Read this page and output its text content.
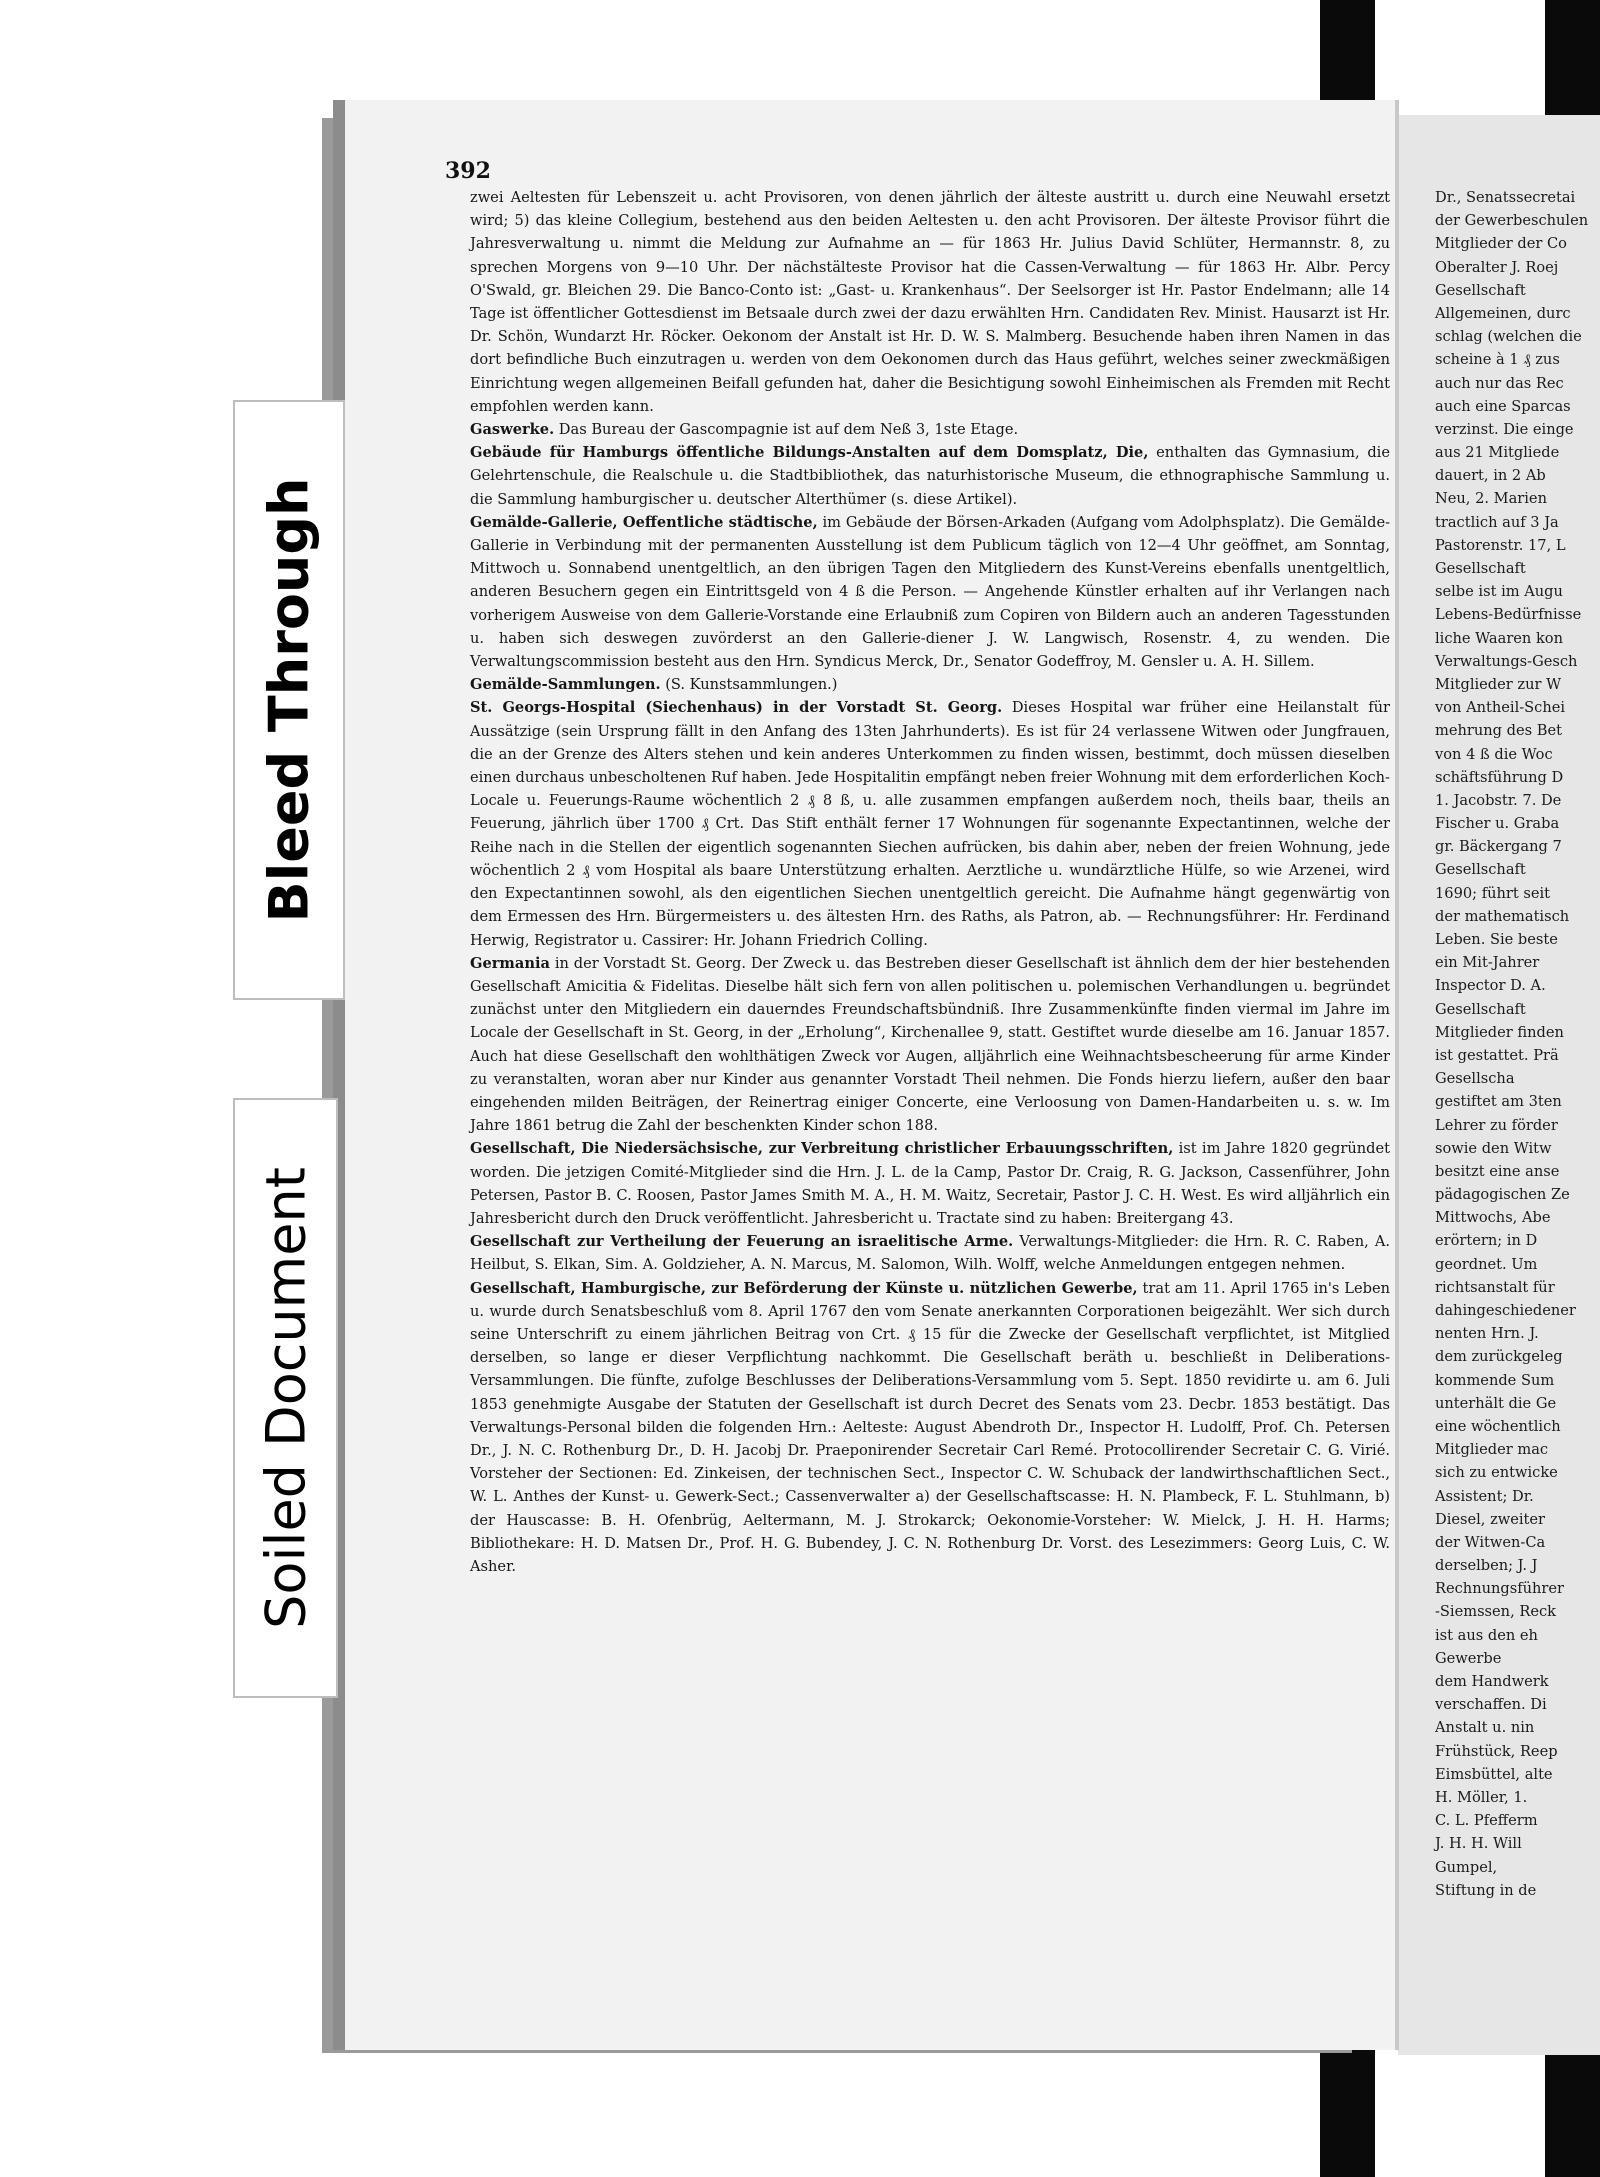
392

zwei Aeltesten für Lebenszeit u. acht Provisoren, von denen jährlich der älteste austritt u. durch eine Neuwahl ersetzt wird; 5) das kleine Collegium, bestehend aus den beiden Aeltesten u. den acht Provisoren. Der älteste Provisor führt die Jahresverwaltung u. nimmt die Meldung zur Aufnahme an — für 1863 Hr. Julius David Schlüter, Hermannstr. 8, zu sprechen Morgens von 9—10 Uhr. Der nächstälteste Provisor hat die Cassen-Verwaltung — für 1863 Hr. Albr. Percy O'Swald, gr. Bleichen 29. Die Banco-Conto ist: „Gast- u. Krankenhaus“. Der Seelsorger ist Hr. Pastor Endelmann; alle 14 Tage ist öffentlicher Gottesdienst im Betsaale durch zwei der dazu erwählten Hrn. Candidaten Rev. Minist. Hausarzt ist Hr. Dr. Schön, Wundarzt Hr. Röcker. Oekonom der Anstalt ist Hr. D. W. S. Malmberg. Besuchende haben ihren Namen in das dort befindliche Buch einzutragen u. werden von dem Oekonomen durch das Haus geführt, welches seiner zweckmäßigen Einrichtung wegen allgemeinen Beifall gefunden hat, daher die Besichtigung sowohl Einheimischen als Fremden mit Recht empfohlen werden kann.

Gaswerke. Das Bureau der Gascompagnie ist auf dem Neß 3, 1ste Etage.

Gebäude für Hamburgs öffentliche Bildungs-Anstalten auf dem Domsplatz, Die, enthalten das Gymnasium, die Gelehrtenschule, die Realschule u. die Stadtbibliothek, das naturhistorische Museum, die ethnographische Sammlung u. die Sammlung hamburgischer u. deutscher Alterthümer (s. diese Artikel).

Gemälde-Gallerie, Oeffentliche städtische, im Gebäude der Börsen-Arkaden (Aufgang vom Adolphsplatz). Die Gemälde-Gallerie in Verbindung mit der permanenten Ausstellung ist dem Publicum täglich von 12—4 Uhr geöffnet, am Sonntag, Mittwoch u. Sonnabend unentgeltlich, an den übrigen Tagen den Mitgliedern des Kunst-Vereins ebenfalls unentgeltlich, anderen Besuchern gegen ein Eintrittsgeld von 4 ß die Person. — Angehende Künstler erhalten auf ihr Verlangen nach vorherigem Ausweise von dem Gallerie-Vorstande eine Erlaubniß zum Copiren von Bildern auch an anderen Tagesstunden u. haben sich deswegen zuvörderst an den Gallerie-diener J. W. Langwisch, Rosenstr. 4, zu wenden. Die Verwaltungscommission besteht aus den Hrn. Syndicus Merck, Dr., Senator Godeffroy, M. Gensler u. A. H. Sillem.

Gemälde-Sammlungen. (S. Kunstsammlungen.)

St. Georgs-Hospital (Siechenhaus) in der Vorstadt St. Georg. Dieses Hospital war früher eine Heilanstalt für Aussätzige (sein Ursprung fällt in den Anfang des 13ten Jahrhunderts). Es ist für 24 verlassene Witwen oder Jungfrauen, die an der Grenze des Alters stehen und kein anderes Unterkommen zu finden wissen, bestimmt, doch müssen dieselben einen durchaus unbescholtenen Ruf haben. Jede Hospitalitin empfängt neben freier Wohnung mit dem erforderlichen Koch-Locale u. Feuerungs-Raume wöchentlich 2 ₰ 8 ß, u. alle zusammen empfangen außerdem noch, theils baar, theils an Feuerung, jährlich über 1700 ₰ Crt. Das Stift enthält ferner 17 Wohnungen für sogenannte Expectantinnen, welche der Reihe nach in die Stellen der eigentlich sogenannten Siechen aufrücken, bis dahin aber, neben der freien Wohnung, jede wöchentlich 2 ₰ vom Hospital als baare Unterstützung erhalten. Aerztliche u. wundärztliche Hülfe, so wie Arzenei, wird den Expectantinnen sowohl, als den eigentlichen Siechen unentgeltlich gereicht. Die Aufnahme hängt gegenwärtig von dem Ermessen des Hrn. Bürgermeisters u. des ältesten Hrn. des Raths, als Patron, ab. — Rechnungsführer: Hr. Ferdinand Herwig, Registrator u. Cassirer: Hr. Johann Friedrich Colling.

Germania in der Vorstadt St. Georg. Der Zweck u. das Bestreben dieser Gesellschaft ist ähnlich dem der hier bestehenden Gesellschaft Amicitia & Fidelitas. Dieselbe hält sich fern von allen politischen u. polemischen Verhandlungen u. begründet zunächst unter den Mitgliedern ein dauerndes Freundschaftsbündniß. Ihre Zusammenkünfte finden viermal im Jahre im Locale der Gesellschaft in St. Georg, in der „Erholung“, Kirchenallee 9, statt. Gestiftet wurde dieselbe am 16. Januar 1857. Auch hat diese Gesellschaft den wohlthätigen Zweck vor Augen, alljährlich eine Weihnachtsbescheerung für arme Kinder zu veranstalten, woran aber nur Kinder aus genannter Vorstadt Theil nehmen. Die Fonds hierzu liefern, außer den baar eingehenden milden Beiträgen, der Reinertrag einiger Concerte, eine Verloosung von Damen-Handarbeiten u. s. w. Im Jahre 1861 betrug die Zahl der beschenkten Kinder schon 188.

Gesellschaft, Die Niedersächsische, zur Verbreitung christlicher Erbauungsschriften, ist im Jahre 1820 gegründet worden. Die jetzigen Comité-Mitglieder sind die Hrn. J. L. de la Camp, Pastor Dr. Craig, R. G. Jackson, Cassenführer, John Petersen, Pastor B. C. Roosen, Pastor James Smith M. A., H. M. Waitz, Secretair, Pastor J. C. H. West. Es wird alljährlich ein Jahresbericht durch den Druck veröffentlicht. Jahresbericht u. Tractate sind zu haben: Breitergang 43.

Gesellschaft zur Vertheilung der Feuerung an israelitische Arme. Verwaltungs-Mitglieder: die Hrn. R. C. Raben, A. Heilbut, S. Elkan, Sim. A. Goldzieher, A. N. Marcus, M. Salomon, Wilh. Wolff, welche Anmeldungen entgegen nehmen.

Gesellschaft, Hamburgische, zur Beförderung der Künste u. nützlichen Gewerbe, trat am 11. April 1765 in's Leben u. wurde durch Senatsbeschluß vom 8. April 1767 den vom Senate anerkannten Corporationen beigezählt. Wer sich durch seine Unterschrift zu einem jährlichen Beitrag von Crt. ₰ 15 für die Zwecke der Gesellschaft verpflichtet, ist Mitglied derselben, so lange er dieser Verpflichtung nachkommt. Die Gesellschaft beräth u. beschließt in Deliberations-Versammlungen. Die fünfte, zufolge Beschlusses der Deliberations-Versammlung vom 5. Sept. 1850 revidirte u. am 6. Juli 1853 genehmigte Ausgabe der Statuten der Gesellschaft ist durch Decret des Senats vom 23. Decbr. 1853 bestätigt. Das Verwaltungs-Personal bilden die folgenden Hrn.: Aelteste: August Abendroth Dr., Inspector H. Ludolff, Prof. Ch. Petersen Dr., J. N. C. Rothenburg Dr., D. H. Jacobj Dr. Praeponirender Secretair Carl Remé. Protocollirender Secretair C. G. Virié. Vorsteher der Sectionen: Ed. Zinkeisen, der technischen Sect., Inspector C. W. Schuback der landwirthschaftlichen Sect., W. L. Anthes der Kunst- u. Gewerk-Sect.; Cassenverwalter a) der Gesellschaftscasse: H. N. Plambeck, F. L. Stuhlmann, b) der Hauscasse: B. H. Ofenbrüg, Aeltermann, M. J. Strokarck; Oekonomie-Vorsteher: W. Mielck, J. H. H. Harms; Bibliothekare: H. D. Matsen Dr., Prof. H. G. Bubendey, J. C. N. Rothenburg Dr. Vorst. des Lesezimmers: Georg Luis, C. W. Asher.

Dr., Senatssecretai
der Gewerbeschulen
Mitglieder der Co
Oberalter J. Roej
Gesellschaft
Allgemeinen, durc
schlag (welchen die
scheine à 1 ₰ zus
auch nur das Rec
auch eine Sparcas
verzinst. Die einge
aus 21 Mitgliede
dauert, in 2 Ab
Neu, 2. Marien
tractlich auf 3 Ja
Pastorenstr. 17, L
Gesellschaft
selbe ist im Augu
Lebens-Bedürfnisse
liche Waaren kon
Verwaltungs-Gesch
Mitglieder zur W
von Antheil-Schei
mehrung des Bet
von 4 ß die Woc
schäftsführung D
1. Jacobstr. 7. De
Fischer u. Graba
gr. Bäckergang 7
Gesellschaft
1690; führt seit
der mathematisch
Leben. Sie beste
ein Mit-Jahrer
Inspector D. A.
Gesellschaft
Mitglieder finden
ist gestattet. Prä
Gesellscha
gestiftet am 3ten
Lehrer zu förder
sowie den Witw
besitzt eine anse
pädagogischen Ze
Mittwochs, Abe
erörtern; in D
geordnet. Um
richtsanstalt für
dahingeschiedener
nenten Hrn. J.
dem zurückgeleg
kommende Sum
unterhält die Ge
eine wöchentlich
Mitglieder mac
sich zu entwicke
Assistent; Dr.
Diesel, zweiter
der Witwen-Ca
derselben; J. J
Rechnungsführer
-Siemssen, Reck
ist aus den eh
Gewerbe
dem Handwerk
verschaffen. Di
Anstalt u. nin
Frühstück, Reep
Eimsbüttel, alte
H. Möller, 1.
C. L. Pfefferm
J. H. H. Will
Gumpel,
Stiftung in de
Bleed Through
Soiled Document
